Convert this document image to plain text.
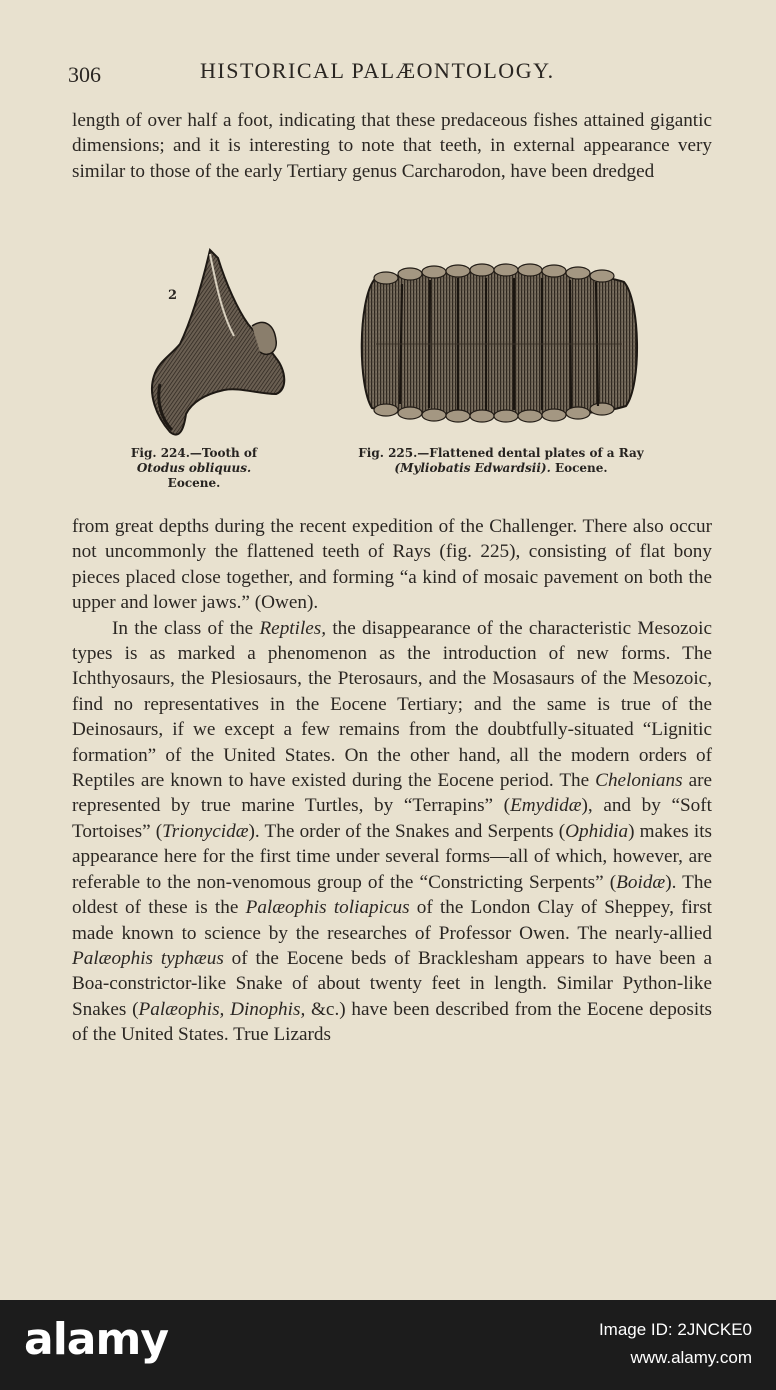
306	HISTORICAL PALÆONTOLOGY.

length of over half a foot, indicating that these predaceous fishes attained gigantic dimensions; and it is interesting to note that teeth, in external appearance very similar to those of the early Tertiary genus Carcharodon, have been dredged

2
Fig. 224.—Tooth of
Otodus obliquus.
Eocene.
Fig. 225.—Flattened dental plates of a Ray
(Myliobatis Edwardsii). Eocene.

from great depths during the recent expedition of the Challenger. There also occur not uncommonly the flattened teeth of Rays (fig. 225), consisting of flat bony pieces placed close together, and forming “a kind of mosaic pavement on both the upper and lower jaws.” (Owen).

In the class of the Reptiles, the disappearance of the characteristic Mesozoic types is as marked a phenomenon as the introduction of new forms. The Ichthyosaurs, the Plesiosaurs, the Pterosaurs, and the Mosasaurs of the Mesozoic, find no representatives in the Eocene Tertiary; and the same is true of the Deinosaurs, if we except a few remains from the doubtfully-situated “Lignitic formation” of the United States. On the other hand, all the modern orders of Reptiles are known to have existed during the Eocene period. The Chelonians are represented by true marine Turtles, by “Terrapins” (Emydidæ), and by “Soft Tortoises” (Trionycidæ). The order of the Snakes and Serpents (Ophidia) makes its appearance here for the first time under several forms—all of which, however, are referable to the non-venomous group of the “Constricting Serpents” (Boidæ). The oldest of these is the Palæophis toliapicus of the London Clay of Sheppey, first made known to science by the researches of Professor Owen. The nearly-allied Palæophis typhæus of the Eocene beds of Bracklesham appears to have been a Boa-constrictor-like Snake of about twenty feet in length. Similar Python-like Snakes (Palæophis, Dinophis, &c.) have been described from the Eocene deposits of the United States. True Lizards

alamy	Image ID: 2JNCKE0
www.alamy.com
